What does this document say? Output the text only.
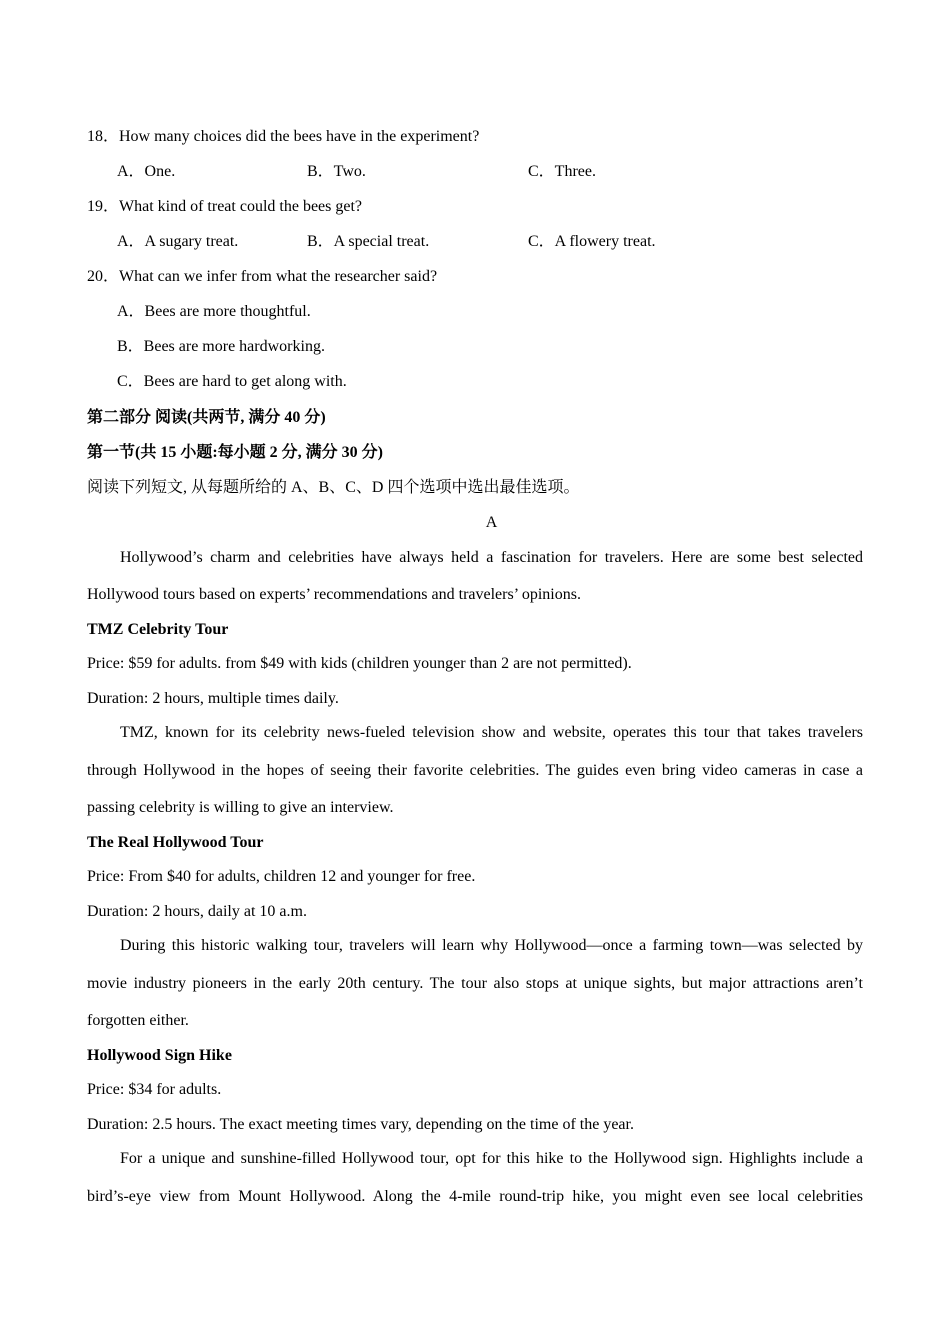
18．How many choices did the bees have in the experiment?
A．One.	B．Two.	C．Three.
19．What kind of treat could the bees get?
A．A sugary treat.	B．A special treat.	C．A flowery treat.
20．What can we infer from what the researcher said?
A．Bees are more thoughtful.
B．Bees are more hardworking.
C．Bees are hard to get along with.
第二部分 阅读(共两节, 满分 40 分)
第一节(共 15 小题:每小题 2 分, 满分 30 分)
阅读下列短文, 从每题所给的 A、B、C、D 四个选项中选出最佳选项。
A
Hollywood’s charm and celebrities have always held a fascination for travelers. Here are some best selected
Hollywood tours based on experts’ recommendations and travelers’ opinions.
TMZ Celebrity Tour
Price: $59 for adults. from $49 with kids (children younger than 2 are not permitted).
Duration: 2 hours, multiple times daily.
TMZ, known for its celebrity news-fueled television show and website, operates this tour that takes travelers
through Hollywood in the hopes of seeing their favorite celebrities. The guides even bring video cameras in case a
passing celebrity is willing to give an interview.
The Real Hollywood Tour
Price: From $40 for adults, children 12 and younger for free.
Duration: 2 hours, daily at 10 a.m.
During this historic walking tour, travelers will learn why Hollywood—once a farming town—was selected by
movie industry pioneers in the early 20th century. The tour also stops at unique sights, but major attractions aren’t
forgotten either.
Hollywood Sign Hike
Price: $34 for adults.
Duration: 2.5 hours. The exact meeting times vary, depending on the time of the year.
For a unique and sunshine-filled Hollywood tour, opt for this hike to the Hollywood sign. Highlights include a
bird’s-eye view from Mount Hollywood. Along the 4-mile round-trip hike, you might even see local celebrities
